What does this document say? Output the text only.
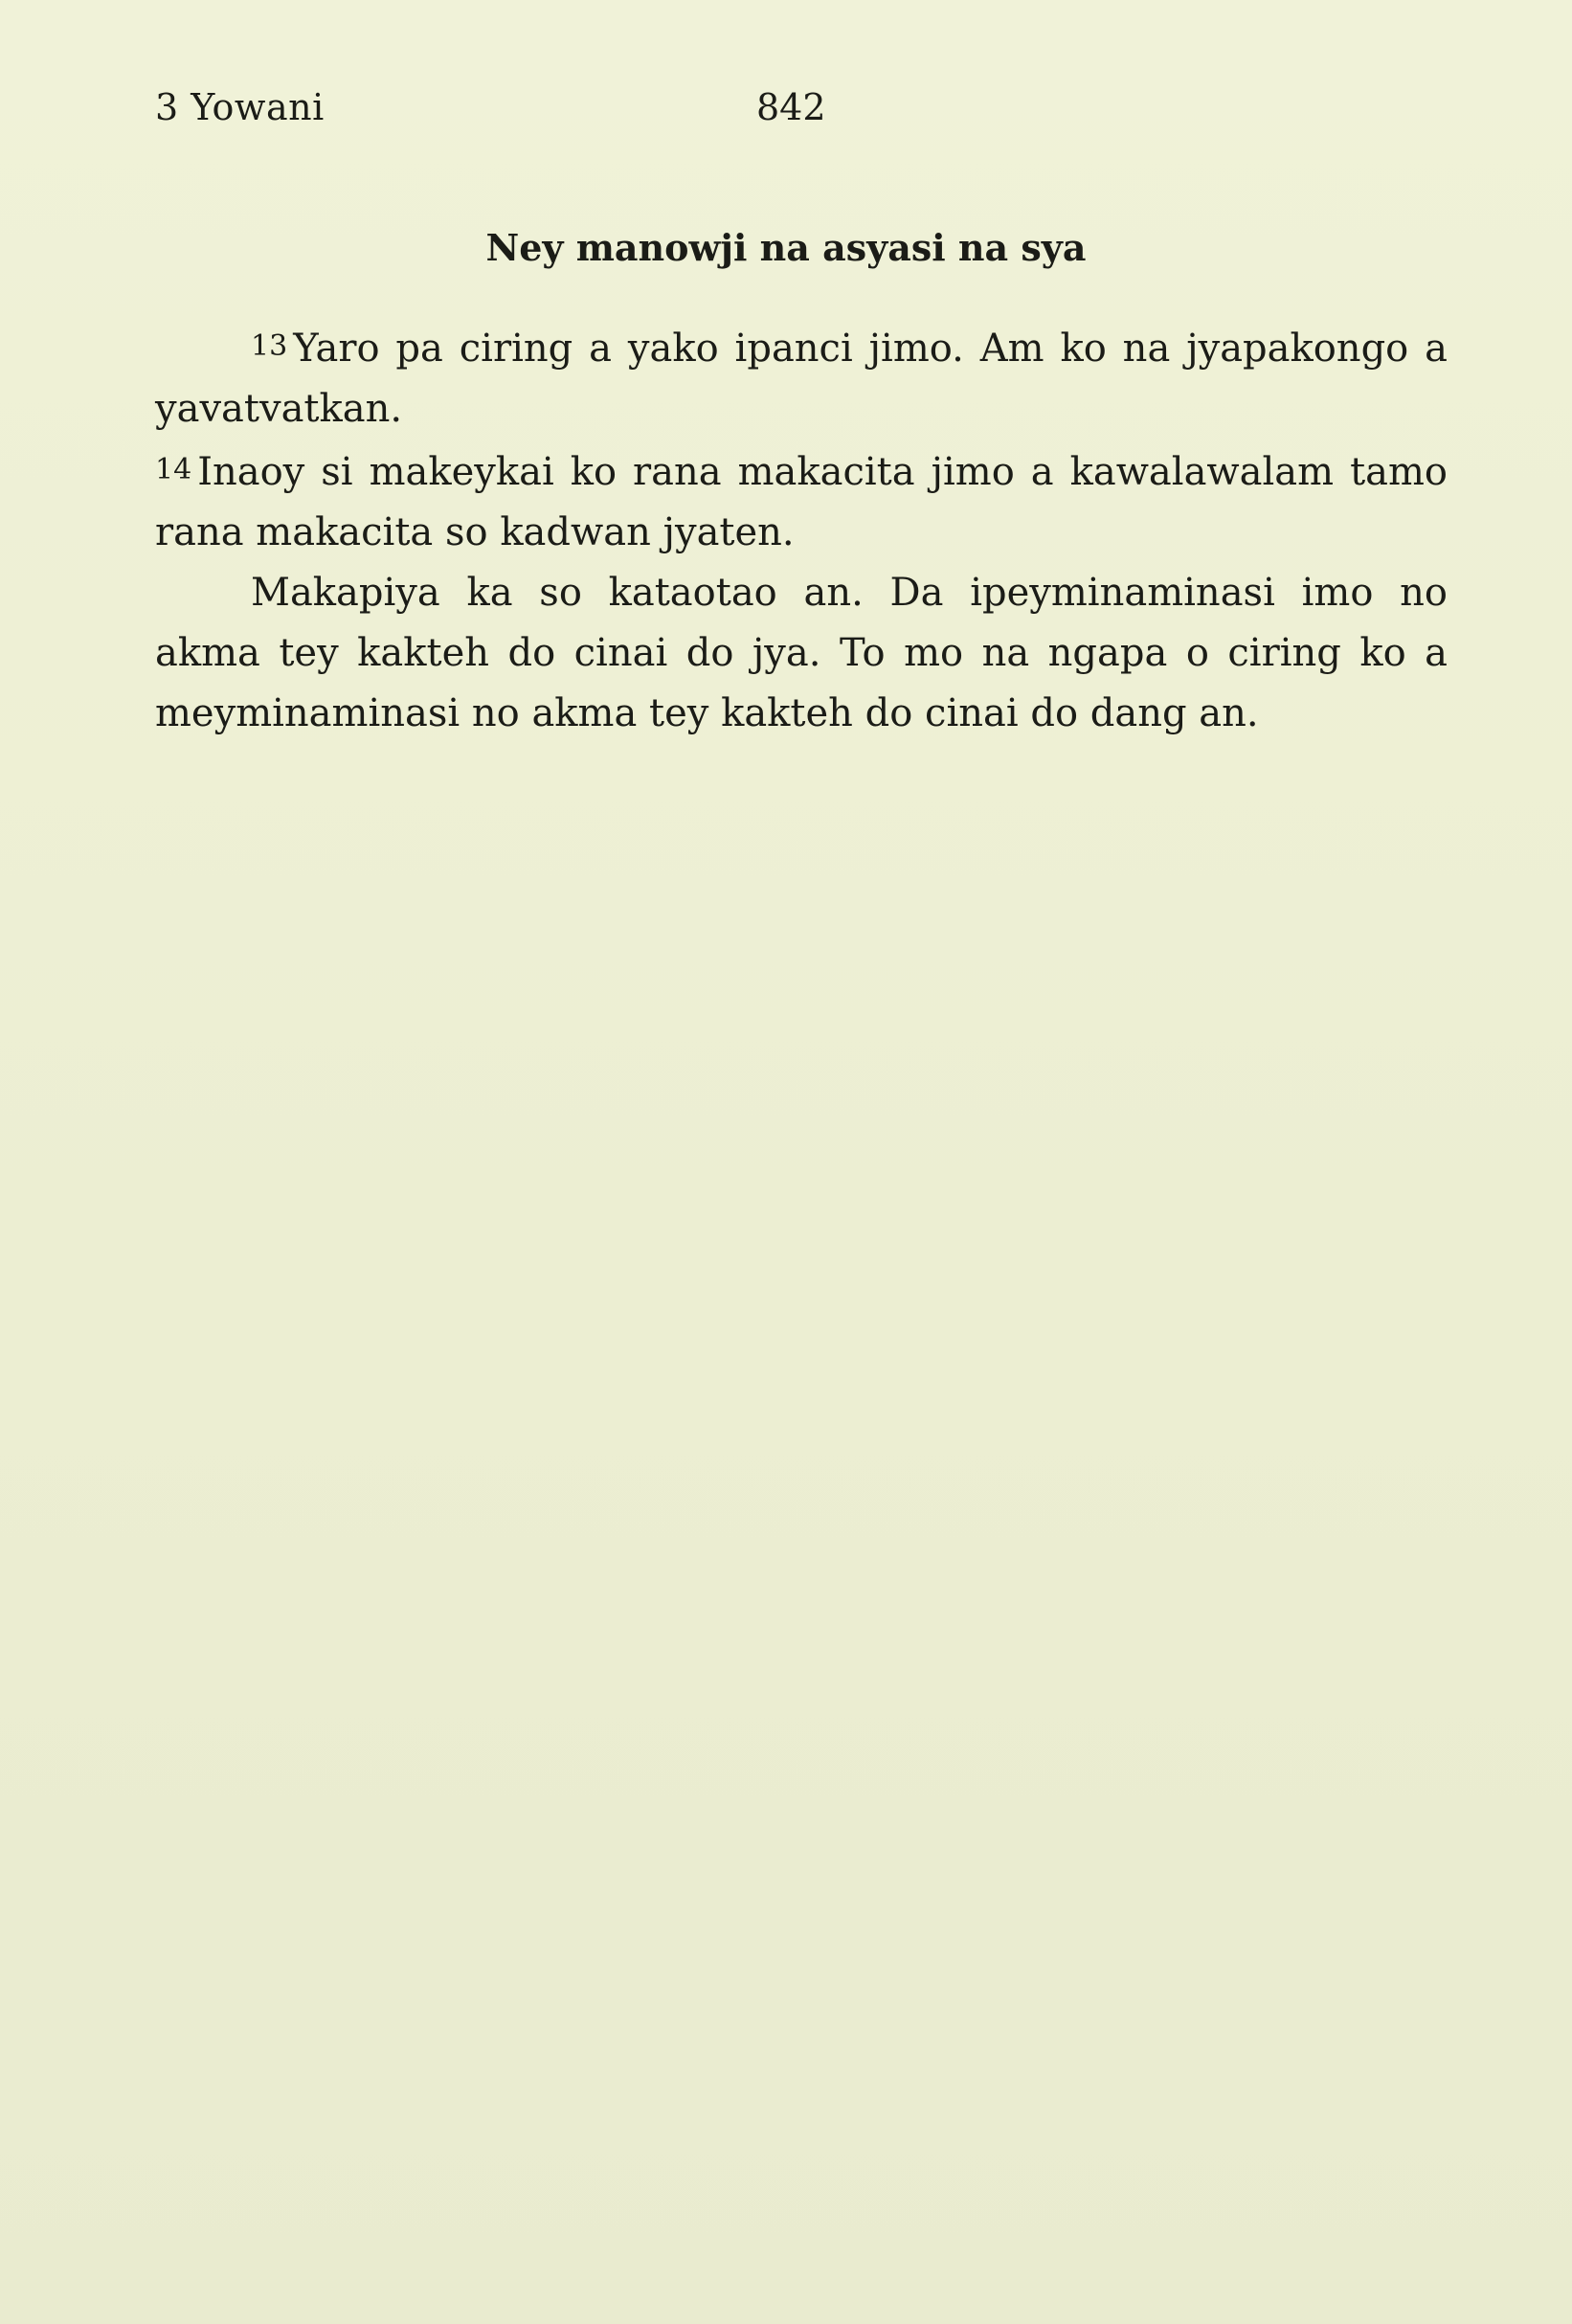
3 Yowani	842
Ney manowji na asyasi na sya

13 Yaro pa ciring a yako ipanci jimo. Am ko na jyapakongo a yavatvatkan.

14 Inaoy si makeykai ko rana makacita jimo a kawalawalam tamo rana makacita so kadwan jyaten.

Makapiya ka so kataotao an. Da ipeyminaminasi imo no akma tey kakteh do cinai do jya. To mo na ngapa o ciring ko a meyminaminasi no akma tey kakteh do cinai do dang an.
